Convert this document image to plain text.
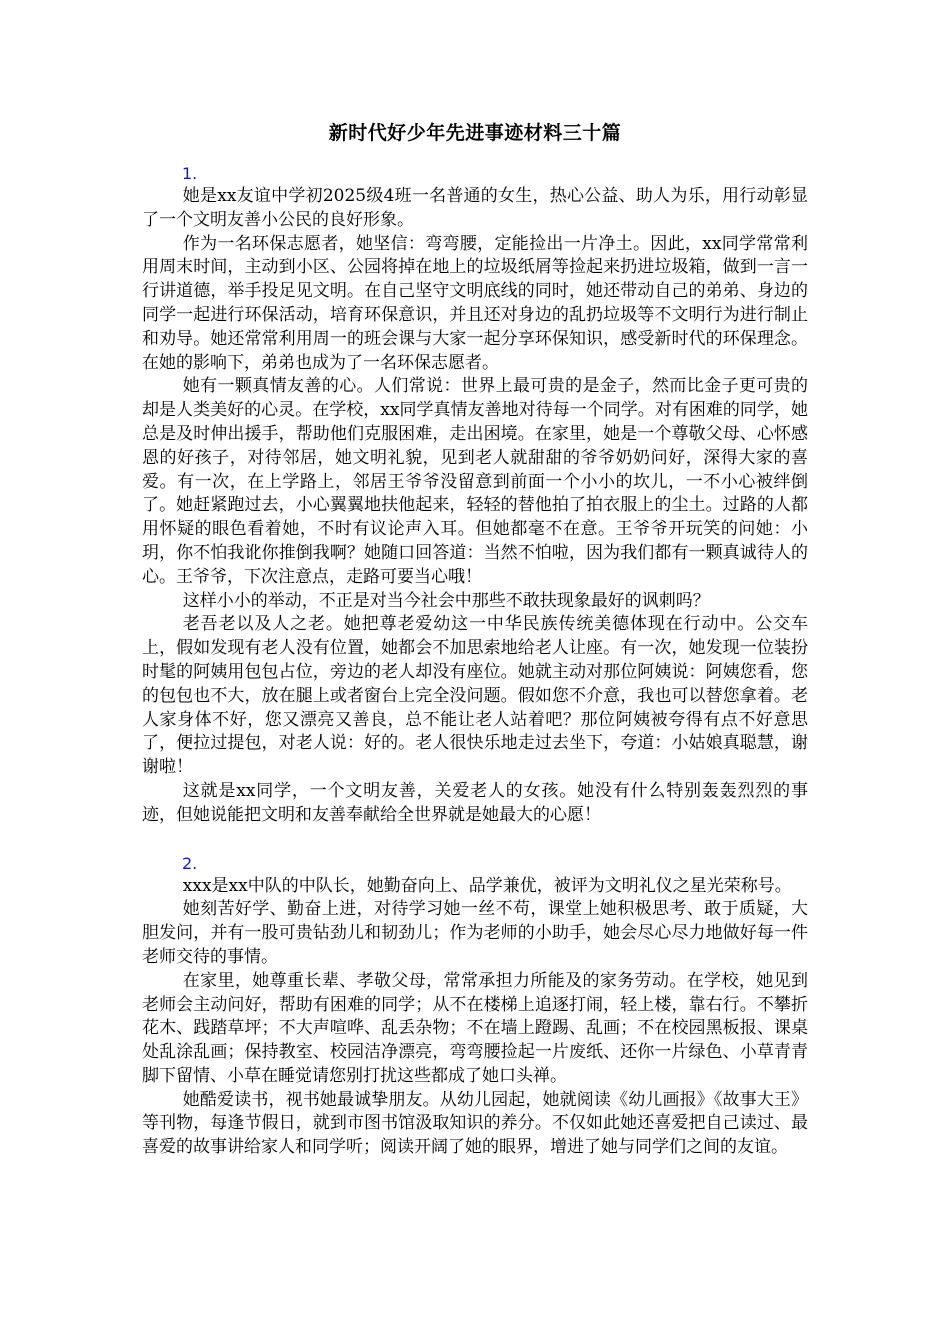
新时代好少年先进事迹材料三十篇
1.

她是xx友谊中学初2025级4班一名普通的女生，热心公益、助人为乐，用行动彰显了一个文明友善小公民的良好形象。

作为一名环保志愿者，她坚信：弯弯腰，定能捡出一片净土。因此，xx同学常常利用周末时间，主动到小区、公园将掉在地上的垃圾纸屑等捡起来扔进垃圾箱，做到一言一行讲道德，举手投足见文明。在自己坚守文明底线的同时，她还带动自己的弟弟、身边的同学一起进行环保活动，培育环保意识，并且还对身边的乱扔垃圾等不文明行为进行制止和劝导。她还常常利用周一的班会课与大家一起分享环保知识，感受新时代的环保理念。在她的影响下，弟弟也成为了一名环保志愿者。

她有一颗真情友善的心。人们常说：世界上最可贵的是金子，然而比金子更可贵的却是人类美好的心灵。在学校，xx同学真情友善地对待每一个同学。对有困难的同学，她总是及时伸出援手，帮助他们克服困难，走出困境。在家里，她是一个尊敬父母、心怀感恩的好孩子，对待邻居，她文明礼貌，见到老人就甜甜的爷爷奶奶问好，深得大家的喜爱。有一次，在上学路上，邻居王爷爷没留意到前面一个小小的坎儿，一不小心被绊倒了。她赶紧跑过去，小心翼翼地扶他起来，轻轻的替他拍了拍衣服上的尘土。过路的人都用怀疑的眼色看着她，不时有议论声入耳。但她都毫不在意。王爷爷开玩笑的问她：小玥，你不怕我讹你推倒我啊？她随口回答道：当然不怕啦，因为我们都有一颗真诚待人的心。王爷爷，下次注意点，走路可要当心哦！

这样小小的举动，不正是对当今社会中那些不敢扶现象最好的讽刺吗？

老吾老以及人之老。她把尊老爱幼这一中华民族传统美德体现在行动中。公交车上，假如发现有老人没有位置，她都会不加思索地给老人让座。有一次，她发现一位装扮时髦的阿姨用包包占位，旁边的老人却没有座位。她就主动对那位阿姨说：阿姨您看，您的包包也不大，放在腿上或者窗台上完全没问题。假如您不介意，我也可以替您拿着。老人家身体不好，您又漂亮又善良，总不能让老人站着吧？那位阿姨被夸得有点不好意思了，便拉过提包，对老人说：好的。老人很快乐地走过去坐下，夸道：小姑娘真聪慧，谢谢啦！

这就是xx同学，一个文明友善，关爱老人的女孩。她没有什么特别轰轰烈烈的事迹，但她说能把文明和友善奉献给全世界就是她最大的心愿！

2.

xxx是xx中队的中队长，她勤奋向上、品学兼优，被评为文明礼仪之星光荣称号。

她刻苦好学、勤奋上进，对待学习她一丝不苟，课堂上她积极思考、敢于质疑，大胆发问，并有一股可贵钻劲儿和韧劲儿；作为老师的小助手，她会尽心尽力地做好每一件老师交待的事情。

在家里，她尊重长辈、孝敬父母，常常承担力所能及的家务劳动。在学校，她见到老师会主动问好，帮助有困难的同学；从不在楼梯上追逐打闹，轻上楼，靠右行。不攀折花木、践踏草坪；不大声喧哗、乱丢杂物；不在墙上蹬踢、乱画；不在校园黑板报、课桌处乱涂乱画；保持教室、校园洁净漂亮，弯弯腰捡起一片废纸、还你一片绿色、小草青青脚下留情、小草在睡觉请您别打扰这些都成了她口头禅。

她酷爱读书，视书她最诚挚朋友。从幼儿园起，她就阅读《幼儿画报》《故事大王》等刊物，每逢节假日，就到市图书馆汲取知识的养分。不仅如此她还喜爱把自己读过、最喜爱的故事讲给家人和同学听；阅读开阔了她的眼界，增进了她与同学们之间的友谊。
